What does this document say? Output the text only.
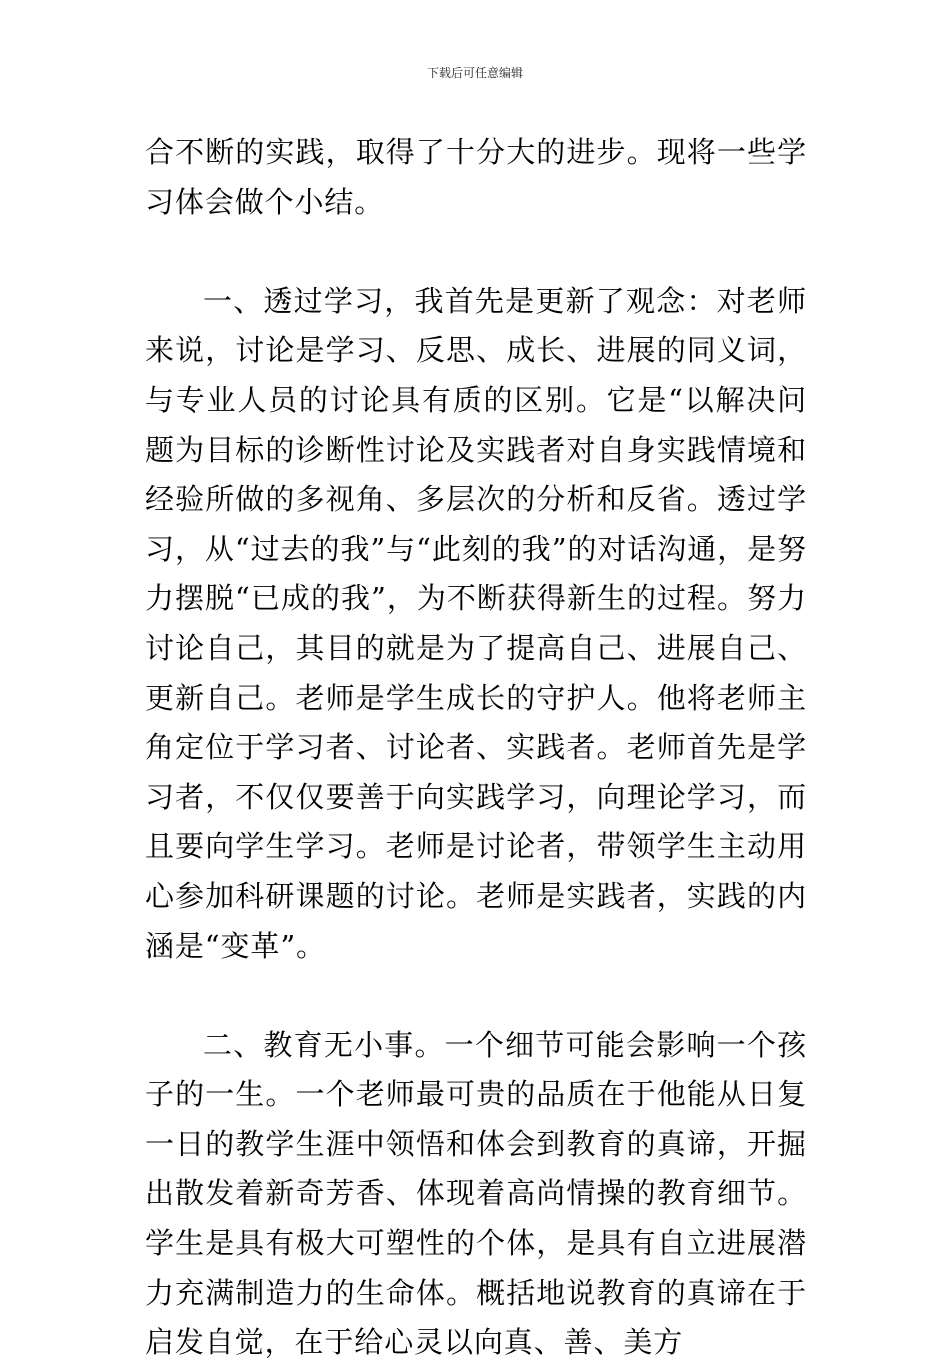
下载后可任意编辑

合不断的实践，取得了十分大的进步。现将一些学习体会做个小结。

一、透过学习，我首先是更新了观念：对老师来说，讨论是学习、反思、成长、进展的同义词，与专业人员的讨论具有质的区别。它是“以解决问题为目标的诊断性讨论及实践者对自身实践情境和经验所做的多视角、多层次的分析和反省。透过学习，从“过去的我”与“此刻的我”的对话沟通，是努力摆脱“已成的我”，为不断获得新生的过程。努力讨论自己，其目的就是为了提高自己、进展自己、更新自己。老师是学生成长的守护人。他将老师主角定位于学习者、讨论者、实践者。老师首先是学习者，不仅仅要善于向实践学习，向理论学习，而且要向学生学习。老师是讨论者，带领学生主动用心参加科研课题的讨论。老师是实践者，实践的内涵是“变革”。

二、教育无小事。一个细节可能会影响一个孩子的一生。一个老师最可贵的品质在于他能从日复一日的教学生涯中领悟和体会到教育的真谛，开掘出散发着新奇芳香、体现着高尚情操的教育细节。学生是具有极大可塑性的个体，是具有自立进展潜力充满制造力的生命体。概括地说教育的真谛在于启发自觉，在于给心灵以向真、善、美方
